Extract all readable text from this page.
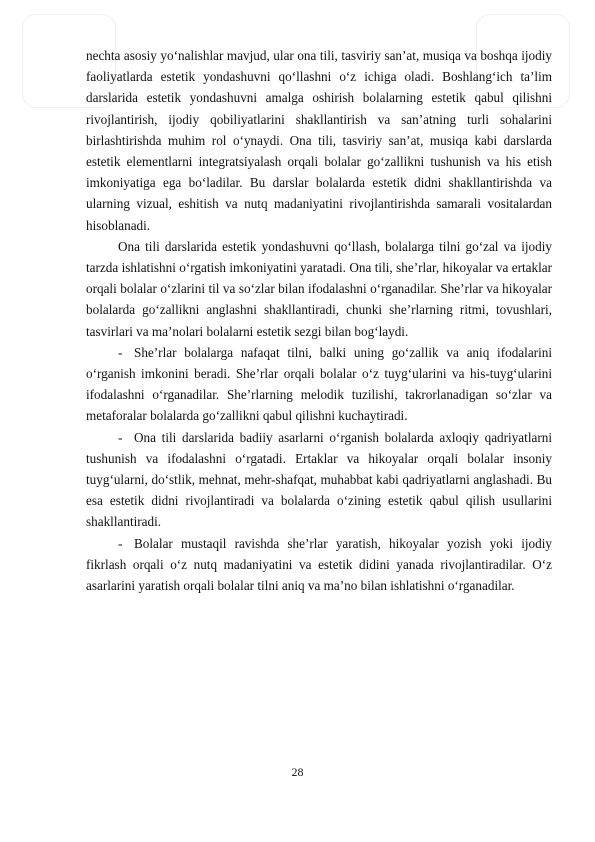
nechta asosiy yo‘nalishlar mavjud, ular ona tili, tasviriy san’at, musiqa va boshqa ijodiy faoliyatlarda estetik yondashuvni qo‘llashni o‘z ichiga oladi. Boshlang‘ich ta’lim darslarida estetik yondashuvni amalga oshirish bolalarning estetik qabul qilishni rivojlantirish, ijodiy qobiliyatlarini shakllantirish va san’atning turli sohalarini birlashtirishda muhim rol o‘ynaydi. Ona tili, tasviriy san’at, musiqa kabi darslarda estetik elementlarni integratsiyalash orqali bolalar go‘zallikni tushunish va his etish imkoniyatiga ega bo‘ladilar. Bu darslar bolalarda estetik didni shakllantirishda va ularning vizual, eshitish va nutq madaniyatini rivojlantirishda samarali vositalardan hisoblanadi.

Ona tili darslarida estetik yondashuvni qo‘llash, bolalarga tilni go‘zal va ijodiy tarzda ishlatishni o‘rgatish imkoniyatini yaratadi. Ona tili, she’rlar, hikoyalar va ertaklar orqali bolalar o‘zlarini til va so‘zlar bilan ifodalashni o‘rganadilar. She’rlar va hikoyalar bolalarda go‘zallikni anglashni shakllantiradi, chunki she’rlarning ritmi, tovushlari, tasvirlari va ma’nolari bolalarni estetik sezgi bilan bog‘laydi.

- She’rlar bolalarga nafaqat tilni, balki uning go‘zallik va aniq ifodalarini o‘rganish imkonini beradi. She’rlar orqali bolalar o‘z tuyg‘ularini va his-tuyg‘ularini ifodalashni o‘rganadilar. She’rlarning melodik tuzilishi, takrorlanadigan so‘zlar va metaforalar bolalarda go‘zallikni qabul qilishni kuchaytiradi.

- Ona tili darslarida badiiy asarlarni o‘rganish bolalarda axloqiy qadriyatlarni tushunish va ifodalashni o‘rgatadi. Ertaklar va hikoyalar orqali bolalar insoniy tuyg‘ularni, do‘stlik, mehnat, mehr-shafqat, muhabbat kabi qadriyatlarni anglashadi. Bu esa estetik didni rivojlantiradi va bolalarda o‘zining estetik qabul qilish usullarini shakllantiradi.

- Bolalar mustaqil ravishda she’rlar yaratish, hikoyalar yozish yoki ijodiy fikrlash orqali o‘z nutq madaniyatini va estetik didini yanada rivojlantiradilar. O‘z asarlarini yaratish orqali bolalar tilni aniq va ma’no bilan ishlatishni o‘rganadilar.

28
